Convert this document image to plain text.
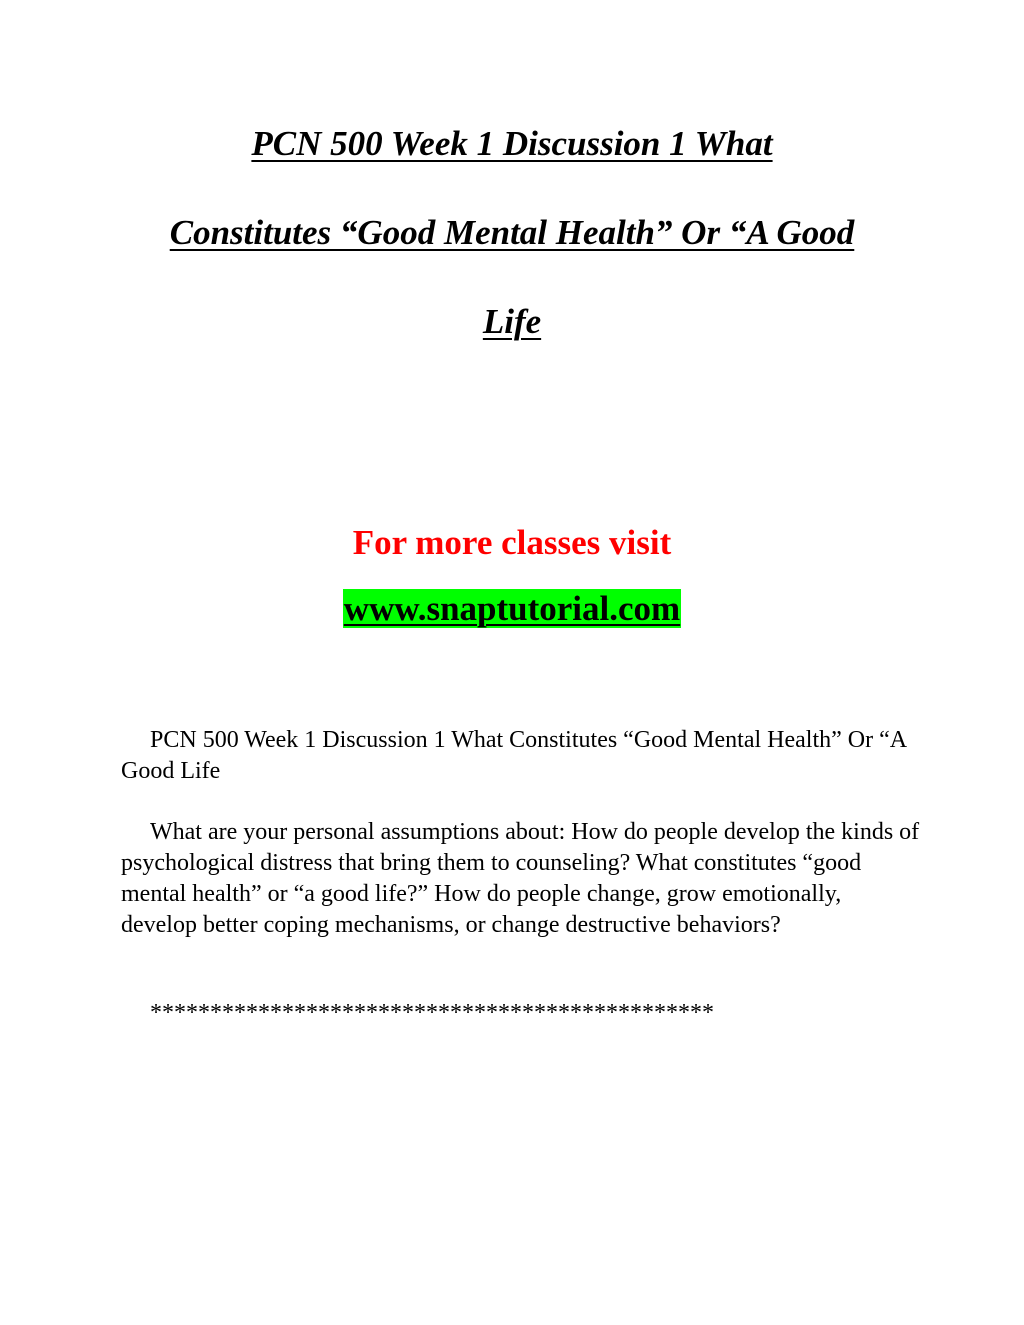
PCN 500 Week 1 Discussion 1 What
Constitutes “Good Mental Health” Or “A Good
Life
For more classes visit
www.snaptutorial.com

PCN 500 Week 1 Discussion 1 What Constitutes “Good Mental Health” Or “A Good Life

What are your personal assumptions about: How do people develop the kinds of psychological distress that bring them to counseling? What constitutes “good mental health” or “a good life?” How do people change, grow emotionally, develop better coping mechanisms, or change destructive behaviors?

***********************************************
